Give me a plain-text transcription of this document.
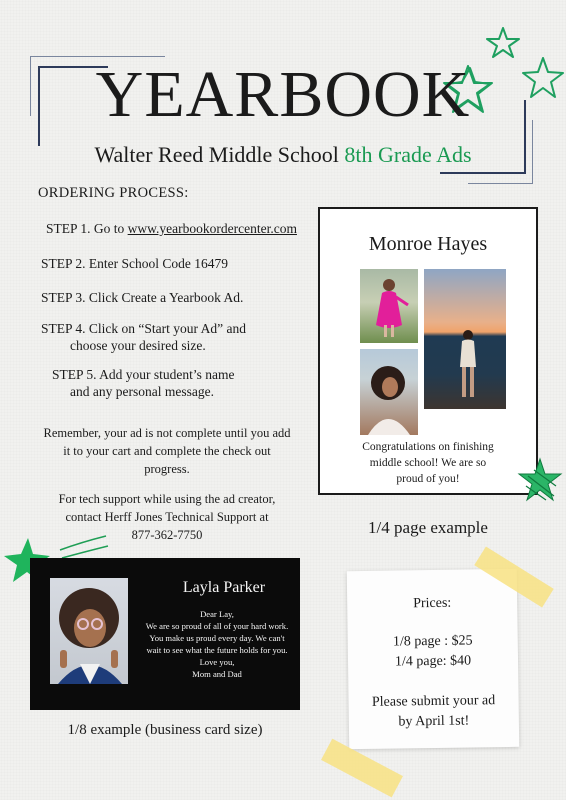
YEARBOOK
Walter Reed Middle School 8th Grade Ads
ORDERING PROCESS:
STEP 1. Go to www.yearbookordercenter.com
STEP 2. Enter School Code 16479
STEP 3. Click Create a Yearbook Ad.
STEP 4. Click on “Start your Ad” and
choose your desired size.
STEP 5. Add your student’s name
and any personal message.
Remember, your ad is not complete until you add
it to your cart and complete the check out
progress.
For tech support while using the ad creator,
contact Herff Jones Technical Support at
877-362-7750
Monroe Hayes
Congratulations on finishing
middle school! We are so
proud of you!
1/4 page example
Layla Parker
Dear Lay,
We are so proud of all of your hard work.
You make us proud every day. We can't
wait to see what the future holds for you.
Love you,
Mom and Dad
1/8 example (business card size)
Prices:
1/8 page : $25
1/4 page: $40
Please submit your ad
by April 1st!
